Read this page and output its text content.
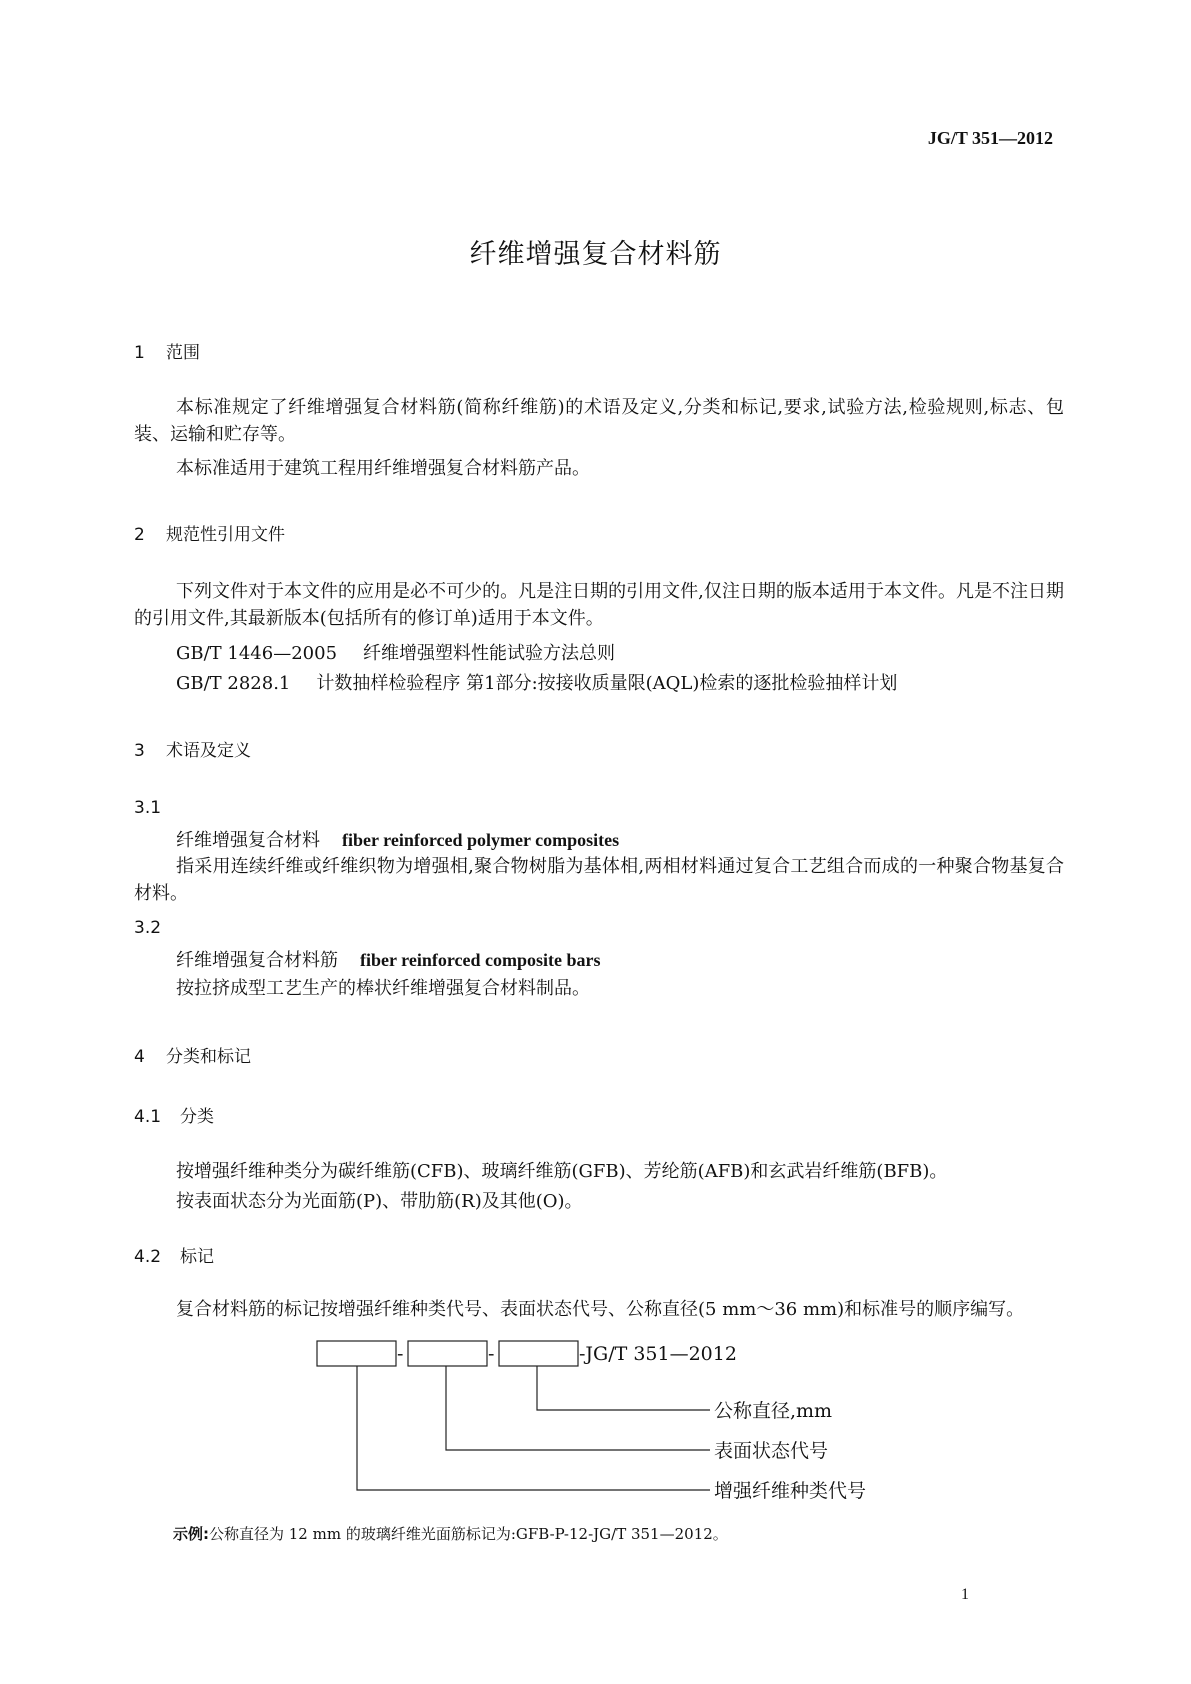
JG/T 351—2012
纤维增强复合材料筋
1 范围
本标准规定了纤维增强复合材料筋(简称纤维筋)的术语及定义,分类和标记,要求,试验方法,检验规则,标志、包装、运输和贮存等。
本标准适用于建筑工程用纤维增强复合材料筋产品。
2 规范性引用文件
下列文件对于本文件的应用是必不可少的。凡是注日期的引用文件,仅注日期的版本适用于本文件。凡是不注日期的引用文件,其最新版本(包括所有的修订单)适用于本文件。
GB/T 1446—2005 纤维增强塑料性能试验方法总则
GB/T 2828.1 计数抽样检验程序 第1部分:按接收质量限(AQL)检索的逐批检验抽样计划
3 术语及定义
3.1
纤维增强复合材料 fiber reinforced polymer composites
指采用连续纤维或纤维织物为增强相,聚合物树脂为基体相,两相材料通过复合工艺组合而成的一种聚合物基复合材料。
3.2
纤维增强复合材料筋 fiber reinforced composite bars
按拉挤成型工艺生产的棒状纤维增强复合材料制品。
4 分类和标记
4.1 分类
按增强纤维种类分为碳纤维筋(CFB)、玻璃纤维筋(GFB)、芳纶筋(AFB)和玄武岩纤维筋(BFB)。
按表面状态分为光面筋(P)、带肋筋(R)及其他(O)。
4.2 标记
复合材料筋的标记按增强纤维种类代号、表面状态代号、公称直径(5 mm～36 mm)和标准号的顺序编写。
-	-	-JG/T 351—2012
公称直径,mm
表面状态代号
增强纤维种类代号
示例:公称直径为 12 mm 的玻璃纤维光面筋标记为:GFB-P-12-JG/T 351—2012。
1
